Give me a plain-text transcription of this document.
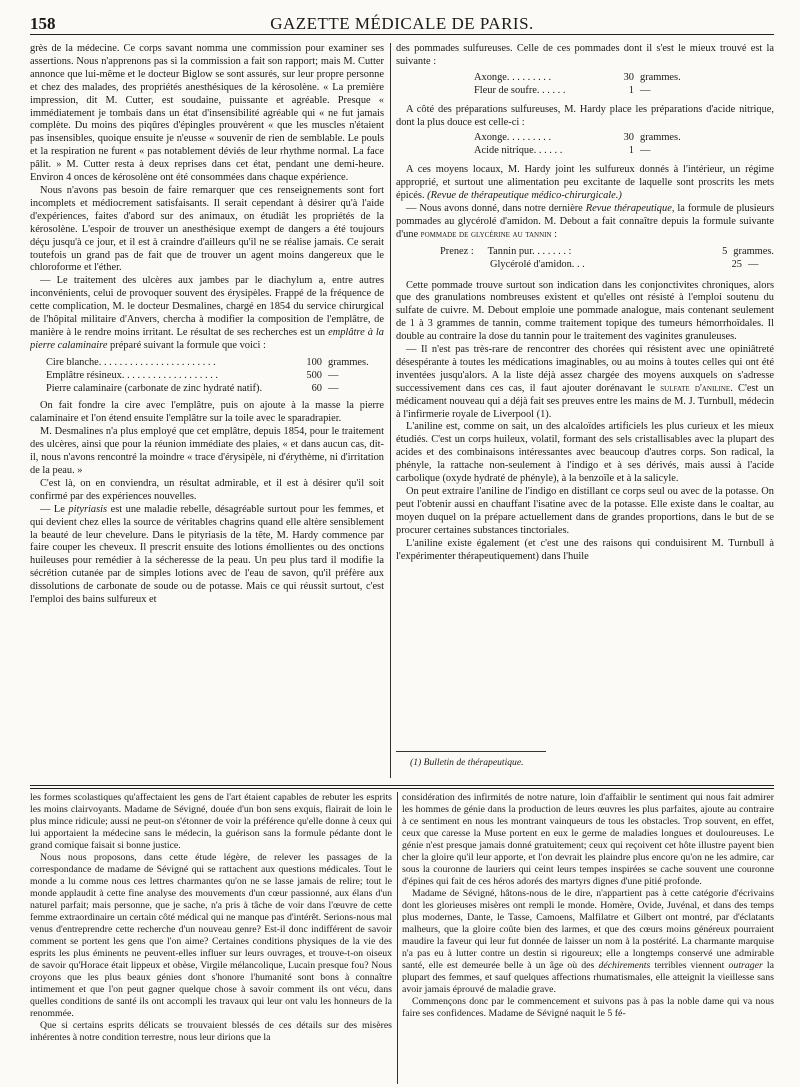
158	GAZETTE MÉDICALE DE PARIS.

grès de la médecine. Ce corps savant nomma une commission pour examiner ses assertions. Nous n'apprenons pas si la commission a fait son rapport; mais M. Cutter annonce que lui-même et le docteur Biglow se sont assurés, sur leur propre personne et chez des malades, des propriétés anesthésiques de la kérosolène. « La première impression, dit M. Cutter, est soudaine, puissante et agréable. Presque « immédiatement je tombais dans un état d'insensibilité agréable qui « ne fut jamais complète. Du moins des piqûres d'épingles prouvèrent « que les muscles n'étaient pas insensibles, quoique ensuite je n'eusse « souvenir de rien de semblable. Le pouls et la respiration ne furent « pas notablement déviés de leur rhythme normal. La face pâlit. » M. Cutter resta à deux reprises dans cet état, pendant une demi-heure. Environ 4 onces de kérosolène ont été consommées dans chaque expérience.

Nous n'avons pas besoin de faire remarquer que ces renseignements sont fort incomplets et médiocrement satisfaisants. Il serait cependant à désirer qu'à l'aide d'expériences, faites d'abord sur des animaux, on étudiât les propriétés de la kérosolène. L'espoir de trouver un anesthésique exempt de dangers a été toujours déçu jusqu'à ce jour, et il est à craindre d'ailleurs qu'il ne se réalise jamais. Ce serait toutefois un grand pas de fait que de trouver un agent moins dangereux que le chloroforme et l'éther.

— Le traitement des ulcères aux jambes par le diachylum a, entre autres inconvénients, celui de provoquer souvent des érysipèles. Frappé de la fréquence de cette complication, M. le docteur Desmalines, chargé en 1854 du service chirurgical de l'hôpital militaire d'Anvers, chercha à modifier la composition de l'emplâtre, de manière à le rendre moins irritant. Le résultat de ses recherches est un emplâtre à la pierre calaminaire préparé suivant la formule que voici :

Cire blanche. . . . . . . . . . . . . . . . . . . . . . .	100 grammes.
Emplâtre résineux. . . . . . . . . . . . . . . . . . .	500 —
Pierre calaminaire (carbonate de zinc hydraté natif).	60 —

On fait fondre la cire avec l'emplâtre, puis on ajoute à la masse la pierre calaminaire et l'on étend ensuite l'emplâtre sur la toile avec le sparadrapier.

M. Desmalines n'a plus employé que cet emplâtre, depuis 1854, pour le traitement des ulcères, ainsi que pour la réunion immédiate des plaies, « et dans aucun cas, dit-il, nous n'avons rencontré la moindre « trace d'érysipèle, ni d'érythème, ni d'irritation de la peau. »

C'est là, on en conviendra, un résultat admirable, et il est à désirer qu'il soit confirmé par des expériences nouvelles.

— Le pityriasis est une maladie rebelle, désagréable surtout pour les femmes, et qui devient chez elles la source de véritables chagrins quand elle altère sensiblement la beauté de leur chevelure. Dans le pityriasis de la tête, M. Hardy commence par faire couper les cheveux. Il prescrit ensuite des lotions émollientes ou des onctions huileuses pour remédier à la sécheresse de la peau. Un peu plus tard il modifie la sécrétion cutanée par de simples lotions avec de l'eau de savon, qu'il préfère aux dissolutions de carbonate de soude ou de potasse. Mais ce qui réussit surtout, c'est l'emploi des bains sulfureux et

des pommades sulfureuses. Celle de ces pommades dont il s'est le mieux trouvé est la suivante :

Axonge. . . . . . . . .	30 grammes.
Fleur de soufre. . . . . .	1 —

A côté des préparations sulfureuses, M. Hardy place les préparations d'acide nitrique, dont la plus douce est celle-ci :

Axonge. . . . . . . . .	30 grammes.
Acide nitrique. . . . . .	1 —

A ces moyens locaux, M. Hardy joint les sulfureux donnés à l'intérieur, un régime approprié, et surtout une alimentation peu excitante de laquelle sont proscrits les mets épicés. (Revue de thérapeutique médico-chirurgicale.)

— Nous avons donné, dans notre dernière Revue thérapeutique, la formule de plusieurs pommades au glycérolé d'amidon. M. Debout a fait connaître depuis la formule suivante d'une pommade de glycérine au tannin :

Prenez :	Tannin pur. . . . . . . :	5 grammes.
Glycérolé d'amidon. . .	25 —

Cette pommade trouve surtout son indication dans les conjonctivites chroniques, alors que des granulations nombreuses existent et qu'elles ont résisté à l'emploi soutenu du sulfate de cuivre. M. Debout emploie une pommade analogue, mais contenant seulement de 1 à 3 grammes de tannin, comme traitement topique des tumeurs hémorrhoïdales. Il double au contraire la dose du tannin pour le traitement des vaginites granuleuses.

— Il n'est pas très-rare de rencontrer des chorées qui résistent avec une opiniâtreté désespérante à toutes les médications imaginables, ou au moins à toutes celles qui ont été inventées jusqu'alors. A la liste déjà assez chargée des moyens auxquels on s'adresse successivement dans ces cas, il faut ajouter dorénavant le sulfate d'aniline. C'est un médicament nouveau qui a déjà fait ses preuves entre les mains de M. J. Turnbull, médecin à l'infirmerie royale de Liverpool (1).

L'aniline est, comme on sait, un des alcaloïdes artificiels les plus curieux et les mieux étudiés. C'est un corps huileux, volatil, formant des sels cristallisables avec la plupart des acides et des combinaisons intéressantes avec beaucoup d'autres corps. Son radical, la phényle, la rattache non-seulement à l'indigo et à ses dérivés, mais aussi à l'acide carbolique (oxyde hydraté de phényle), à la benzoïle et à la salicyle.

On peut extraire l'aniline de l'indigo en distillant ce corps seul ou avec de la potasse. On peut l'obtenir aussi en chauffant l'isatine avec de la potasse. Elle existe dans le coaltar, au moyen duquel on la prépare actuellement dans de grandes proportions, dans le but de se procurer certaines substances tinctoriales.

L'aniline existe également (et c'est une des raisons qui conduisirent M. Turnbull à l'expérimenter thérapeutiquement) dans l'huile

(1) Bulletin de thérapeutique.

les formes scolastiques qu'affectaient les gens de l'art étaient capables de rebuter les esprits les moins clairvoyants. Madame de Sévigné, douée d'un bon sens exquis, flairait de loin le plus mince ridicule; aussi ne peut-on s'étonner de voir la préférence qu'elle donne à ceux qui lui apportaient la médecine sans le médecin, la guérison sans la formule pédante dont le grand comique faisait si bonne justice.

Nous nous proposons, dans cette étude légère, de relever les passages de la correspondance de madame de Sévigné qui se rattachent aux questions médicales. Tout le monde a lu comme nous ces lettres charmantes qu'on ne se lasse jamais de relire; tout le monde applaudit à cette fine analyse des mouvements d'un cœur passionné, aux élans d'un naturel parfait; mais personne, que je sache, n'a pris à tâche de voir dans l'œuvre de cette femme extraordinaire un certain côté médical qui ne manque pas d'intérêt. Serions-nous mal venus d'entreprendre cette recherche d'un nouveau genre? Est-il donc indifférent de savoir comment se portent les gens que l'on aime? Certaines conditions physiques de la vie des esprits les plus éminents ne peuvent-elles influer sur leurs ouvrages, et trouve-t-on oiseux de savoir qu'Horace était lippeux et obèse, Virgile mélancolique, Lucain presque fou? Nous croyons que les plus beaux génies dont s'honore l'humanité sont bons à connaître intimement et que l'on peut gagner quelque chose à savoir comment ils ont vécu, dans quelles conditions de santé ils ont accompli les travaux qui leur ont valu les honneurs de la renommée.

Que si certains esprits délicats se trouvaient blessés de ces détails sur des misères inhérentes à notre condition terrestre, nous leur dirions que la

considération des infirmités de notre nature, loin d'affaiblir le sentiment qui nous fait admirer les hommes de génie dans la production de leurs œuvres les plus parfaites, ajoute au contraire à ce sentiment en nous les montrant vainqueurs de tous les obstacles. Trop souvent, en effet, ceux que caresse la Muse portent en eux le germe de maladies longues et douloureuses. Le génie n'est presque jamais donné gratuitement; ceux qui reçoivent cet hôte illustre payent bien cher la gloire qu'il leur apporte, et l'on devrait les plaindre plus encore qu'on ne les admire, car sous la couronne de lauriers qui ceint leurs tempes inspirées se cache souvent une couronne d'épines qui fait de ces héros adorés des martyrs dignes d'une pitié profonde.

Madame de Sévigné, hâtons-nous de le dire, n'appartient pas à cette catégorie d'écrivains dont les glorieuses misères ont rempli le monde. Homère, Ovide, Juvénal, et dans des temps plus modernes, Dante, le Tasse, Camoens, Malfilatre et Gilbert ont montré, par d'éclatants malheurs, que la gloire coûte bien des larmes, et que des cœurs moins généreux pourraient maudire la faveur qui leur fut donnée de laisser un nom à la postérité. La charmante marquise n'a pas eu à lutter contre un destin si rigoureux; elle a longtemps conservé une admirable santé, elle est demeurée belle à un âge où des déchirements terribles viennent outrager la plupart des femmes, et sauf quelques affections rhumatismales, elle atteignit la vieillesse sans avoir jamais éprouvé de maladie grave.

Commençons donc par le commencement et suivons pas à pas la noble dame qui va nous faire ses confidences. Madame de Sévigné naquit le 5 fé-
